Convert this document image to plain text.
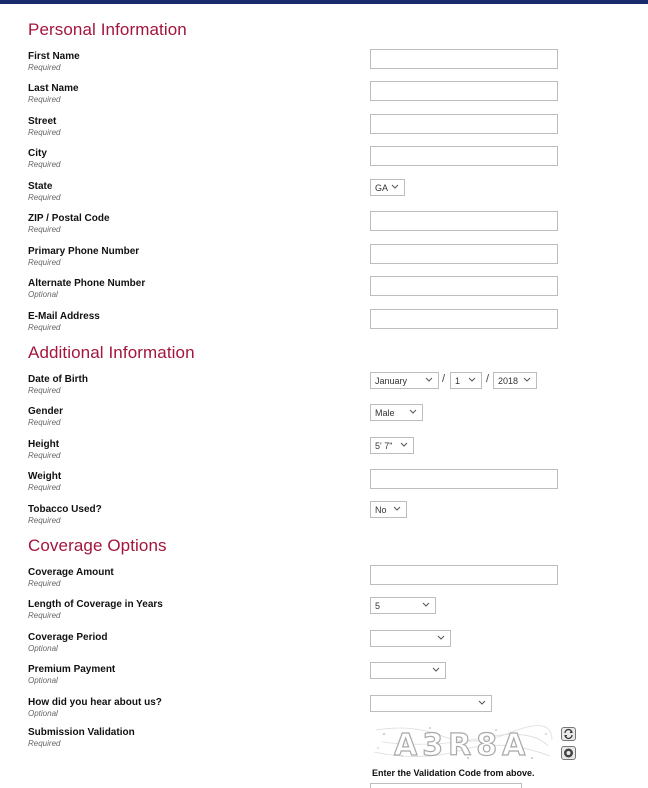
Personal Information
First Name
Required
Last Name
Required
Street
Required
City
Required
State
Required
GA
ZIP / Postal Code
Required
Primary Phone Number
Required
Alternate Phone Number
Optional
E-Mail Address
Required
Additional Information
Date of Birth
Required
January	/ 1 / 2018
Gender
Required
Male
Height
Required
5' 7"
Weight
Required
Tobacco Used?
Required
No
Coverage Options
Coverage Amount
Required
Length of Coverage in Years
Required
5
Coverage Period
Optional
Premium Payment
Optional
How did you hear about us?
Optional
Submission Validation
Required	A3R8A
Enter the Validation Code from above.
